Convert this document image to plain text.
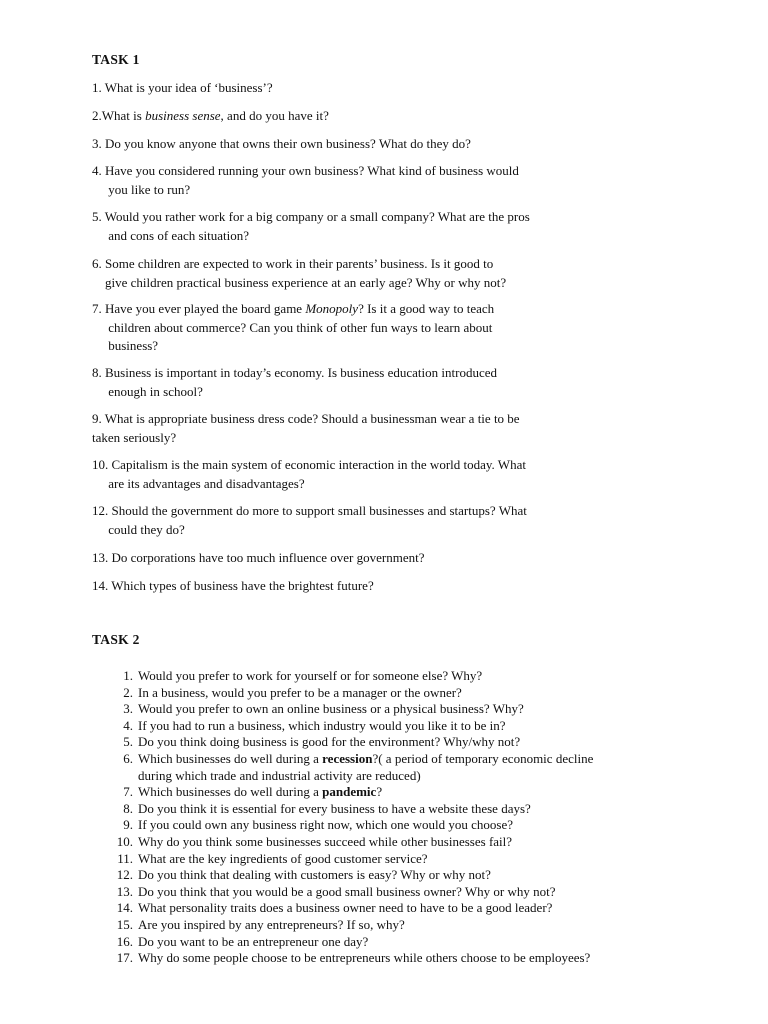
TASK 1
1. What is your idea of ‘business’?
2.What is business sense, and do you have it?
3. Do you know anyone that owns their own business? What do they do?
4. Have you considered running your own business? What kind of business would
you like to run?
5. Would you rather work for a big company or a small company? What are the pros
and cons of each situation?
6. Some children are expected to work in their parents’ business. Is it good to
give children practical business experience at an early age? Why or why not?
7. Have you ever played the board game Monopoly? Is it a good way to teach
children about commerce? Can you think of other fun ways to learn about
business?
8. Business is important in today’s economy. Is business education introduced
enough in school?
9. What is appropriate business dress code? Should a businessman wear a tie to be
taken seriously?
10. Capitalism is the main system of economic interaction in the world today. What
are its advantages and disadvantages?
12. Should the government do more to support small businesses and startups? What
could they do?
13. Do corporations have too much influence over government?
14. Which types of business have the brightest future?
TASK 2
1. Would you prefer to work for yourself or for someone else? Why?
2. In a business, would you prefer to be a manager or the owner?
3. Would you prefer to own an online business or a physical business? Why?
4. If you had to run a business, which industry would you like it to be in?
5. Do you think doing business is good for the environment? Why/why not?
6. Which businesses do well during a recession?( a period of temporary economic decline
during which trade and industrial activity are reduced)
7. Which businesses do well during a pandemic?
8. Do you think it is essential for every business to have a website these days?
9. If you could own any business right now, which one would you choose?
10. Why do you think some businesses succeed while other businesses fail?
11. What are the key ingredients of good customer service?
12. Do you think that dealing with customers is easy? Why or why not?
13. Do you think that you would be a good small business owner? Why or why not?
14. What personality traits does a business owner need to have to be a good leader?
15. Are you inspired by any entrepreneurs? If so, why?
16. Do you want to be an entrepreneur one day?
17. Why do some people choose to be entrepreneurs while others choose to be employees?
